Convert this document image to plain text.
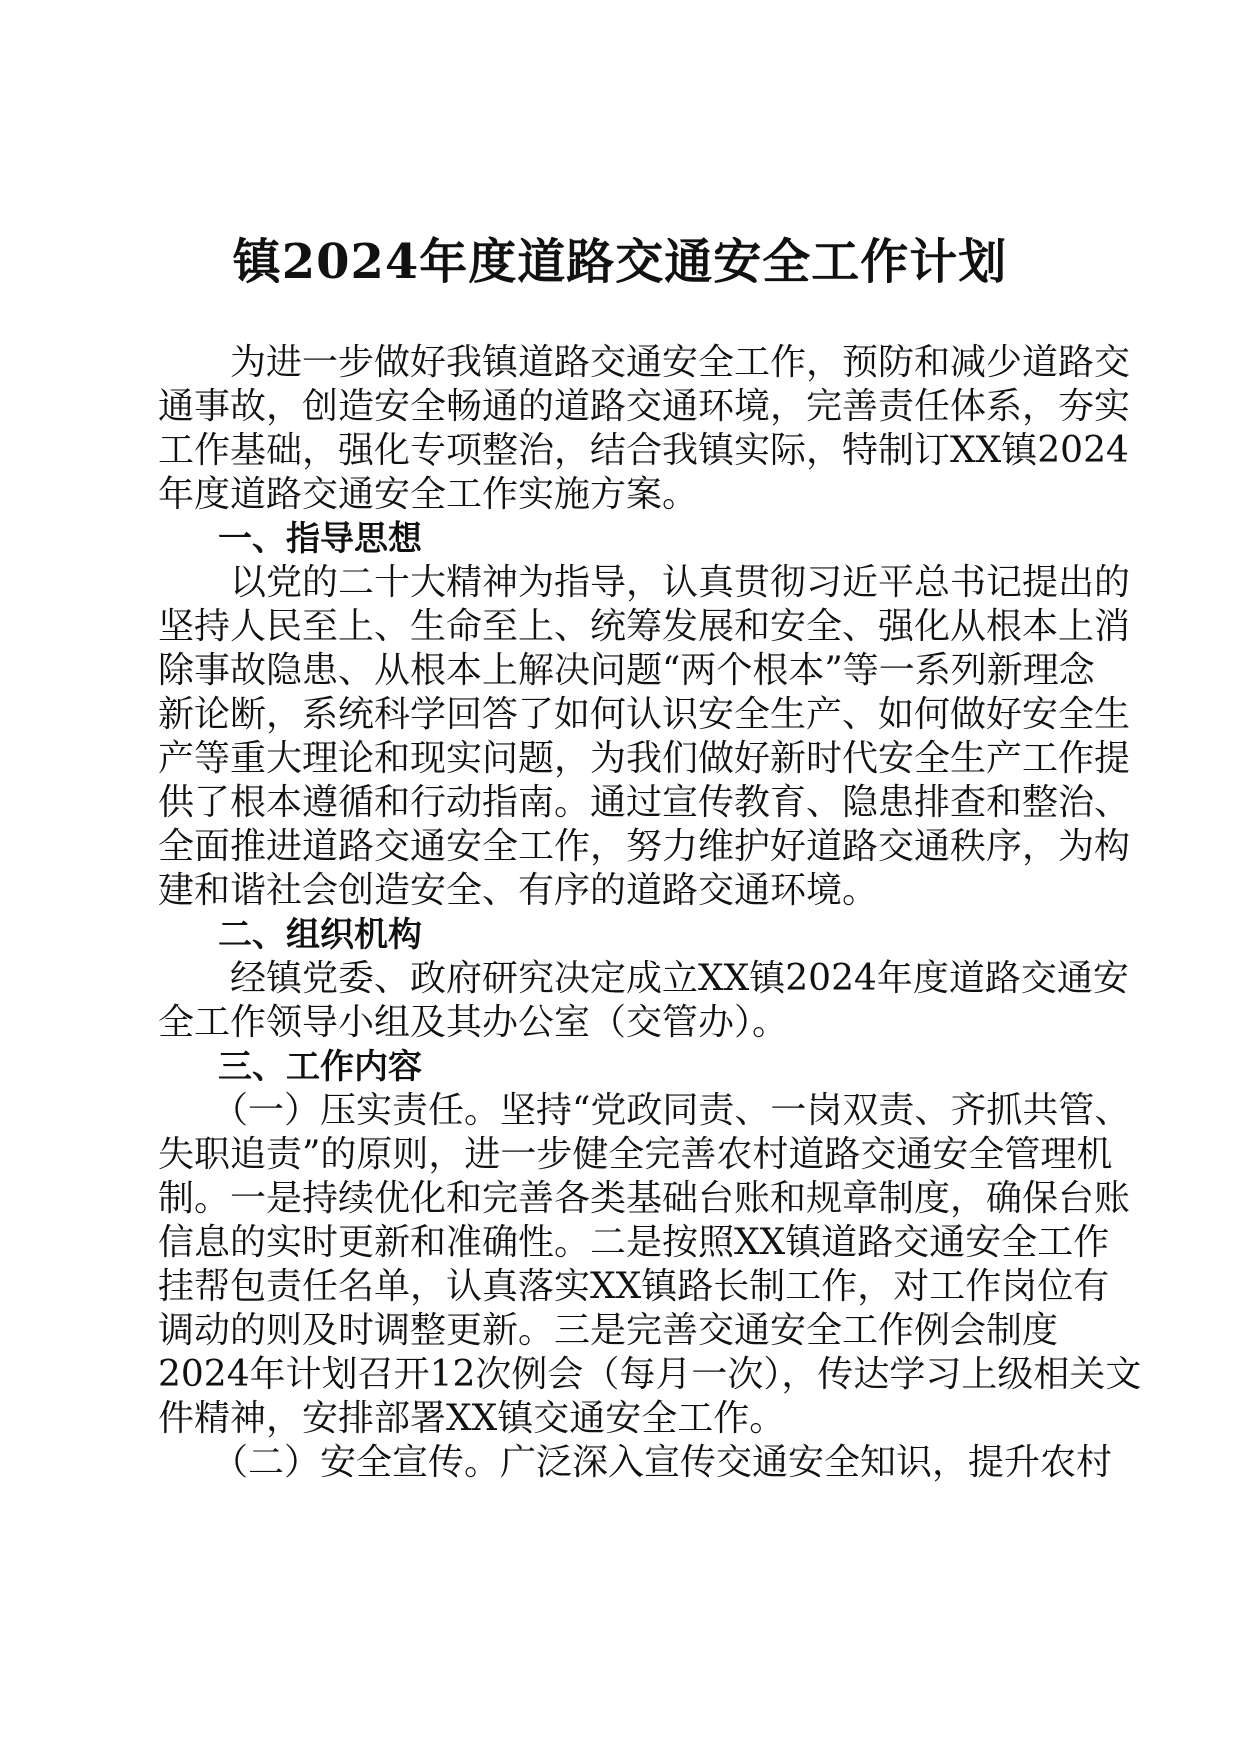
镇2024年度道路交通安全工作计划
为进一步做好我镇道路交通安全工作，预防和减少道路交
通事故，创造安全畅通的道路交通环境，完善责任体系，夯实
工作基础，强化专项整治，结合我镇实际，特制订XX镇2024
年度道路交通安全工作实施方案。
一、指导思想
以党的二十大精神为指导，认真贯彻习近平总书记提出的
坚持人民至上、生命至上、统筹发展和安全、强化从根本上消
除事故隐患、从根本上解决问题“两个根本”等一系列新理念
新论断，系统科学回答了如何认识安全生产、如何做好安全生
产等重大理论和现实问题，为我们做好新时代安全生产工作提
供了根本遵循和行动指南。通过宣传教育、隐患排查和整治、
全面推进道路交通安全工作，努力维护好道路交通秩序，为构
建和谐社会创造安全、有序的道路交通环境。
二、组织机构
经镇党委、政府研究决定成立XX镇2024年度道路交通安
全工作领导小组及其办公室（交管办）。
三、工作内容
（一）压实责任。坚持“党政同责、一岗双责、齐抓共管、
失职追责”的原则，进一步健全完善农村道路交通安全管理机
制。一是持续优化和完善各类基础台账和规章制度，确保台账
信息的实时更新和准确性。二是按照XX镇道路交通安全工作
挂帮包责任名单，认真落实XX镇路长制工作，对工作岗位有
调动的则及时调整更新。三是完善交通安全工作例会制度
2024年计划召开12次例会（每月一次），传达学习上级相关文
件精神，安排部署XX镇交通安全工作。
（二）安全宣传。广泛深入宣传交通安全知识，提升农村
